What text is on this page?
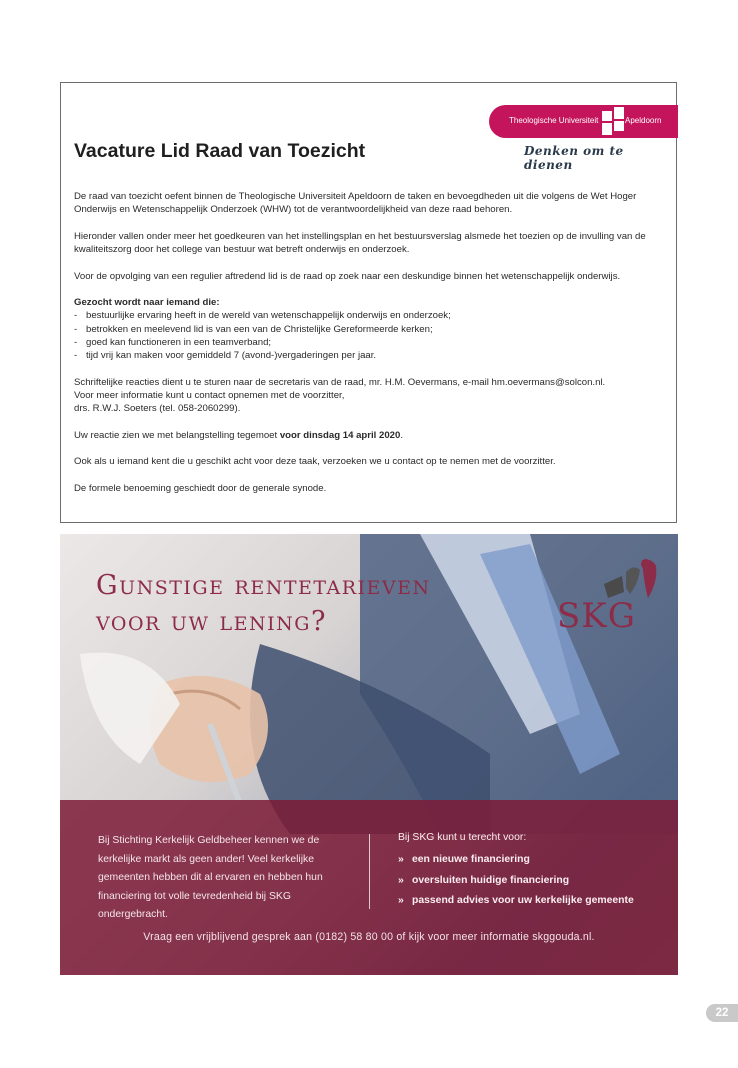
Theologische Universiteit	Apeldoorn
Denken om te dienen
Vacature Lid Raad van Toezicht

De raad van toezicht oefent binnen de Theologische Universiteit Apeldoorn de taken en bevoegdheden uit die volgens de Wet Hoger Onderwijs en Wetenschappelijk Onderzoek (WHW) tot de verantwoordelijkheid van deze raad behoren.

Hieronder vallen onder meer het goedkeuren van het instellingsplan en het bestuursverslag alsmede het toezien op de invulling van de kwaliteitszorg door het college van bestuur wat betreft onderwijs en onderzoek.

Voor de opvolging van een regulier aftredend lid is de raad op zoek naar een deskundige binnen het wetenschappelijk onderwijs.

Gezocht wordt naar iemand die:
- bestuurlijke ervaring heeft in de wereld van wetenschappelijk onderwijs en onderzoek;
- betrokken en meelevend lid is van een van de Christelijke Gereformeerde kerken;
- goed kan functioneren in een teamverband;
- tijd vrij kan maken voor gemiddeld 7 (avond-)vergaderingen per jaar.

Schriftelijke reacties dient u te sturen naar de secretaris van de raad, mr. H.M. Oevermans, e-mail hm.oevermans@solcon.nl.
Voor meer informatie kunt u contact opnemen met de voorzitter,
drs. R.W.J. Soeters (tel. 058-2060299).

Uw reactie zien we met belangstelling tegemoet voor dinsdag 14 april 2020.

Ook als u iemand kent die u geschikt acht voor deze taak, verzoeken we u contact op te nemen met de voorzitter.

De formele benoeming geschiedt door de generale synode.

Gunstige rentetarieven
voor uw lening?	SKG
Bij Stichting Kerkelijk Geldbeheer kennen we de kerkelijke markt als geen ander! Veel kerkelijke gemeenten hebben dit al ervaren en hebben hun financiering tot volle tevredenheid bij SKG ondergebracht.
Bij SKG kunt u terecht voor:
» een nieuwe financiering
» oversluiten huidige financiering
» passend advies voor uw kerkelijke gemeente
Vraag een vrijblijvend gesprek aan (0182) 58 80 00 of kijk voor meer informatie skggouda.nl.
22
